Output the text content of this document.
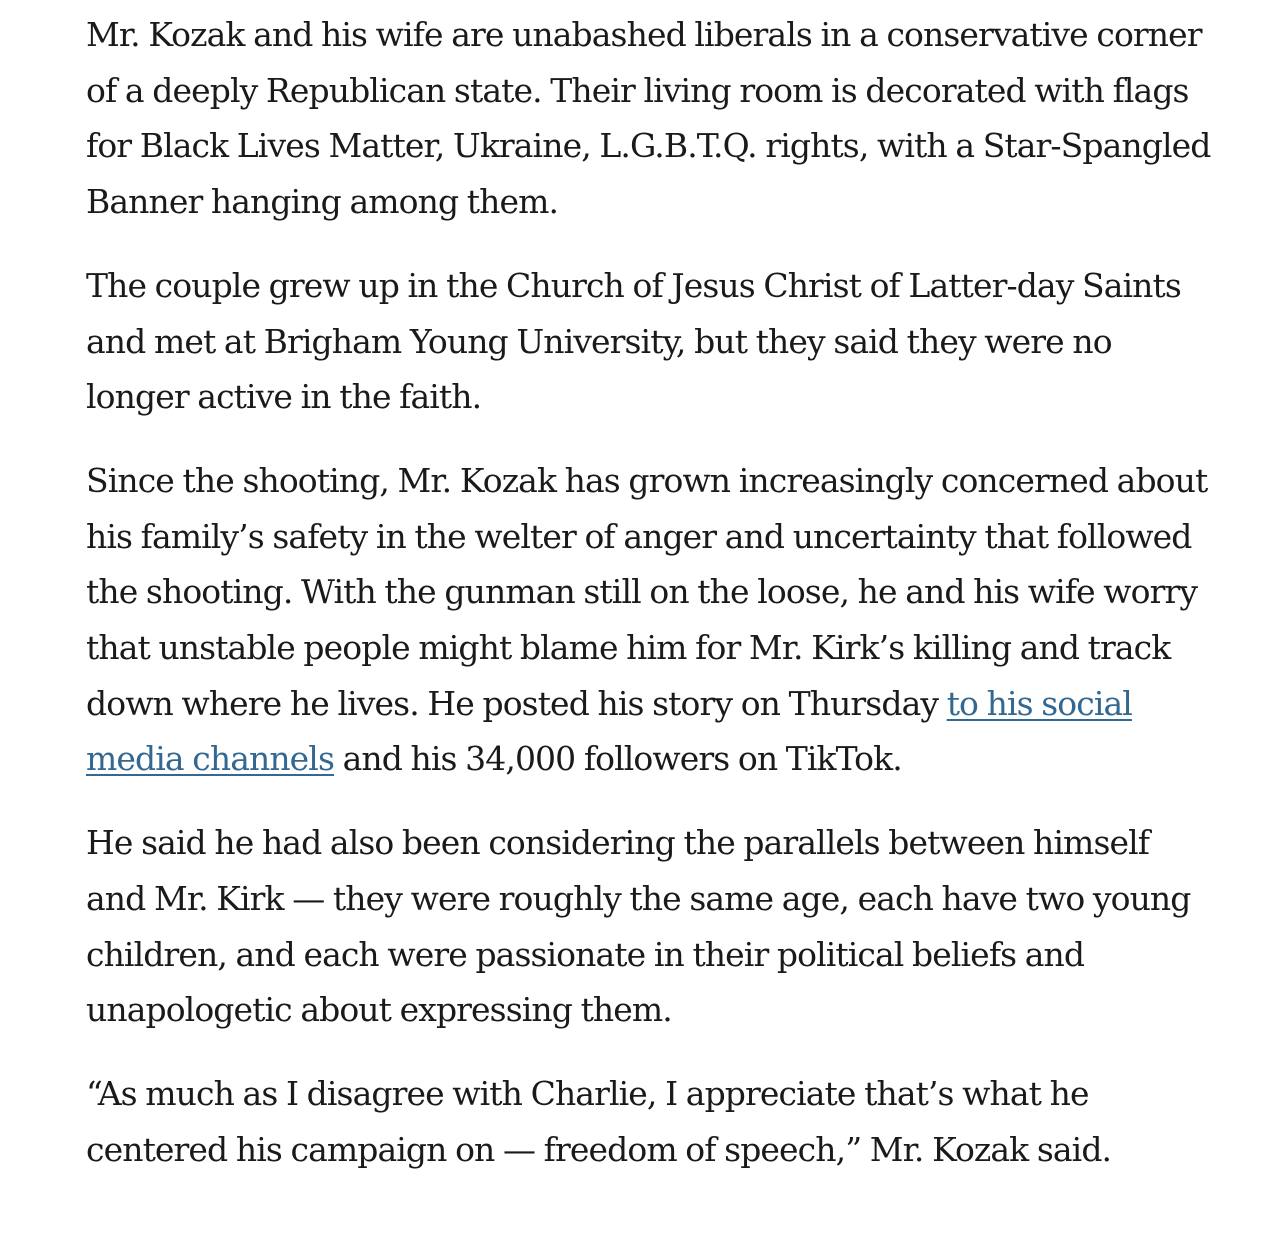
Mr. Kozak and his wife are unabashed liberals in a conservative corner of a deeply Republican state. Their living room is decorated with flags for Black Lives Matter, Ukraine, L.G.B.T.Q. rights, with a Star-Spangled Banner hanging among them.

The couple grew up in the Church of Jesus Christ of Latter-day Saints and met at Brigham Young University, but they said they were no longer active in the faith.

Since the shooting, Mr. Kozak has grown increasingly concerned about his family’s safety in the welter of anger and uncertainty that followed the shooting. With the gunman still on the loose, he and his wife worry that unstable people might blame him for Mr. Kirk’s killing and track down where he lives. He posted his story on Thursday to his social media channels and his 34,000 followers on TikTok.

He said he had also been considering the parallels between himself and Mr. Kirk — they were roughly the same age, each have two young children, and each were passionate in their political beliefs and unapologetic about expressing them.

“As much as I disagree with Charlie, I appreciate that’s what he centered his campaign on — freedom of speech,” Mr. Kozak said.
